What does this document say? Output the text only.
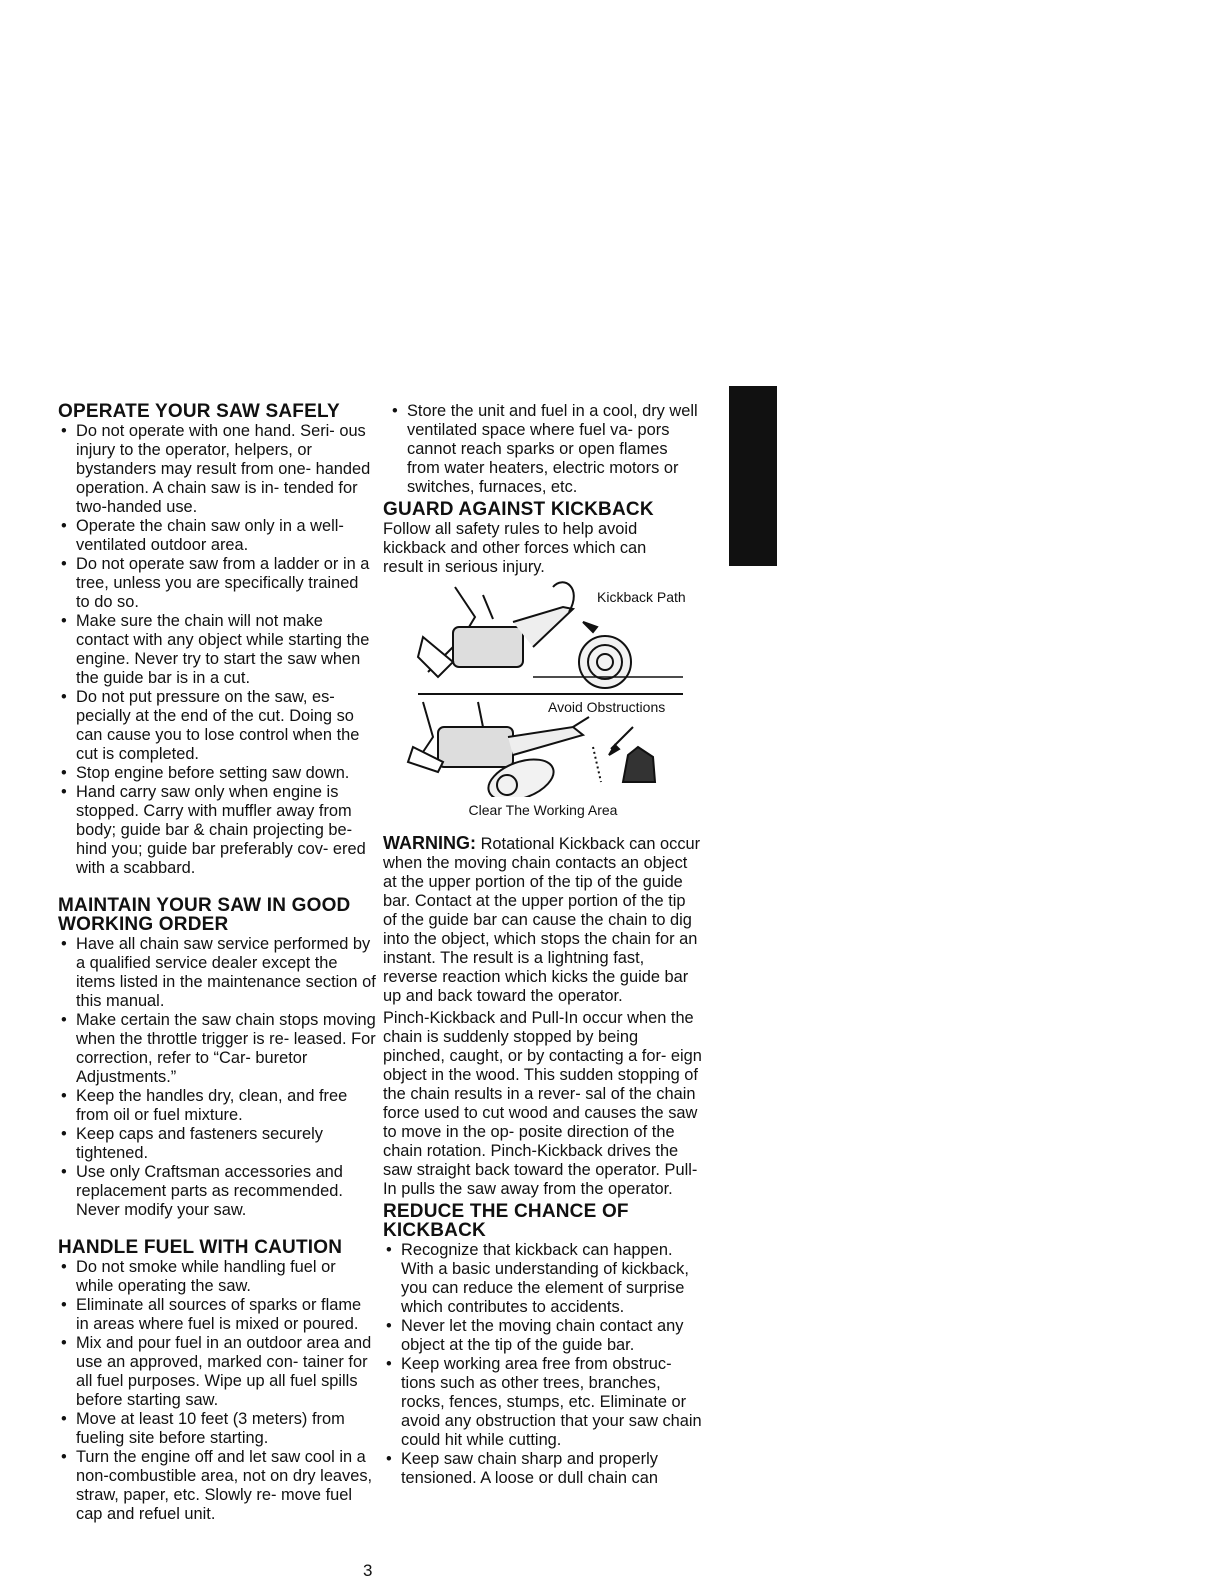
OPERATE YOUR SAW SAFELY
• Do not operate with one hand. Seri- ous injury to the operator, helpers, or bystanders may result from one- handed operation. A chain saw is in- tended for two-handed use.
• Operate the chain saw only in a well- ventilated outdoor area.
• Do not operate saw from a ladder or in a tree, unless you are specifically trained to do so.
• Make sure the chain will not make contact with any object while starting the engine. Never try to start the saw when the guide bar is in a cut.
• Do not put pressure on the saw, es- pecially at the end of the cut. Doing so can cause you to lose control when the cut is completed.
• Stop engine before setting saw down.
• Hand carry saw only when engine is stopped. Carry with muffler away from body; guide bar & chain projecting be- hind you; guide bar preferably cov- ered with a scabbard.
MAINTAIN YOUR SAW IN GOOD WORKING ORDER
• Have all chain saw service performed by a qualified service dealer except the items listed in the maintenance section of this manual.
• Make certain the saw chain stops moving when the throttle trigger is re- leased. For correction, refer to “Car- buretor Adjustments.”
• Keep the handles dry, clean, and free from oil or fuel mixture.
• Keep caps and fasteners securely tightened.
• Use only Craftsman accessories and replacement parts as recommended. Never modify your saw.
HANDLE FUEL WITH CAUTION
• Do not smoke while handling fuel or while operating the saw.
• Eliminate all sources of sparks or flame in areas where fuel is mixed or poured.
• Mix and pour fuel in an outdoor area and use an approved, marked con- tainer for all fuel purposes. Wipe up all fuel spills before starting saw.
• Move at least 10 feet (3 meters) from fueling site before starting.
• Turn the engine off and let saw cool in a non-combustible area, not on dry leaves, straw, paper, etc. Slowly re- move fuel cap and refuel unit.
• Store the unit and fuel in a cool, dry well ventilated space where fuel va- pors cannot reach sparks or open flames from water heaters, electric motors or switches, furnaces, etc.
GUARD AGAINST KICKBACK

Follow all safety rules to help avoid kickback and other forces which can result in serious injury.

Kickback Path
Avoid Obstructions
Clear The Working Area

WARNING: Rotational Kickback can occur when the moving chain contacts an object at the upper portion of the tip of the guide bar. Contact at the upper portion of the tip of the guide bar can cause the chain to dig into the object, which stops the chain for an instant. The result is a lightning fast, reverse reaction which kicks the guide bar up and back toward the operator.

Pinch-Kickback and Pull-In occur when the chain is suddenly stopped by being pinched, caught, or by contacting a for- eign object in the wood. This sudden stopping of the chain results in a rever- sal of the chain force used to cut wood and causes the saw to move in the op- posite direction of the chain rotation. Pinch-Kickback drives the saw straight back toward the operator. Pull-In pulls the saw away from the operator.

REDUCE THE CHANCE OF KICKBACK
• Recognize that kickback can happen. With a basic understanding of kickback, you can reduce the element of surprise which contributes to accidents.
• Never let the moving chain contact any object at the tip of the guide bar.
• Keep working area free from obstruc- tions such as other trees, branches, rocks, fences, stumps, etc. Eliminate or avoid any obstruction that your saw chain could hit while cutting.
• Keep saw chain sharp and properly tensioned. A loose or dull chain can
3
